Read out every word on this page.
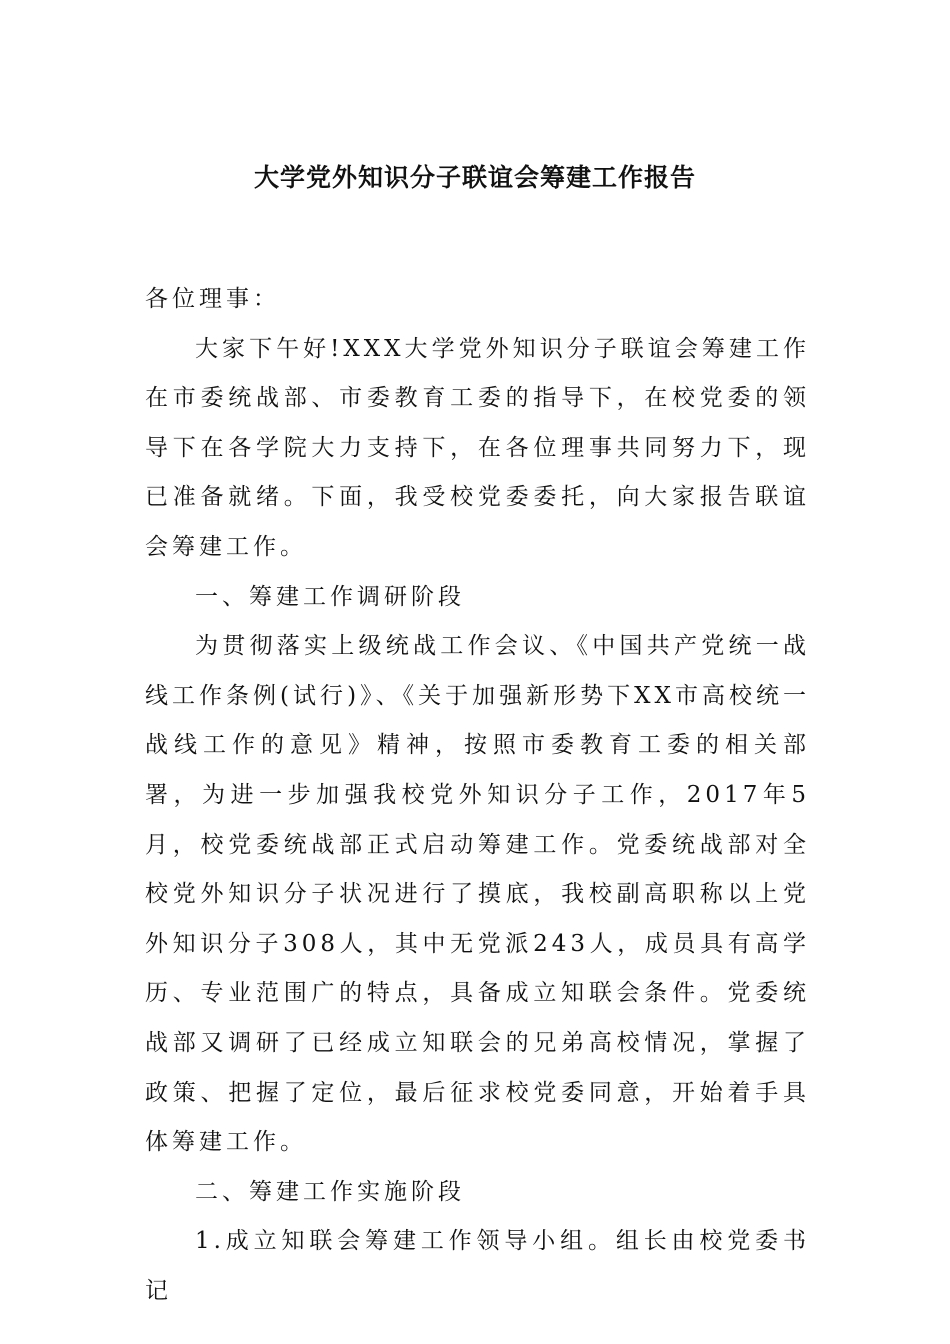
大学党外知识分子联谊会筹建工作报告

各位理事：

大家下午好!XXX大学党外知识分子联谊会筹建工作在市委统战部、市委教育工委的指导下，在校党委的领导下在各学院大力支持下，在各位理事共同努力下，现已准备就绪。下面，我受校党委委托，向大家报告联谊会筹建工作。

一、筹建工作调研阶段

为贯彻落实上级统战工作会议、《中国共产党统一战线工作条例(试行)》、《关于加强新形势下XX市高校统一战线工作的意见》精神，按照市委教育工委的相关部署，为进一步加强我校党外知识分子工作，2017年5月，校党委统战部正式启动筹建工作。党委统战部对全校党外知识分子状况进行了摸底，我校副高职称以上党外知识分子308人，其中无党派243人，成员具有高学历、专业范围广的特点，具备成立知联会条件。党委统战部又调研了已经成立知联会的兄弟高校情况，掌握了政策、把握了定位，最后征求校党委同意，开始着手具体筹建工作。

二、筹建工作实施阶段

1.成立知联会筹建工作领导小组。组长由校党委书记
